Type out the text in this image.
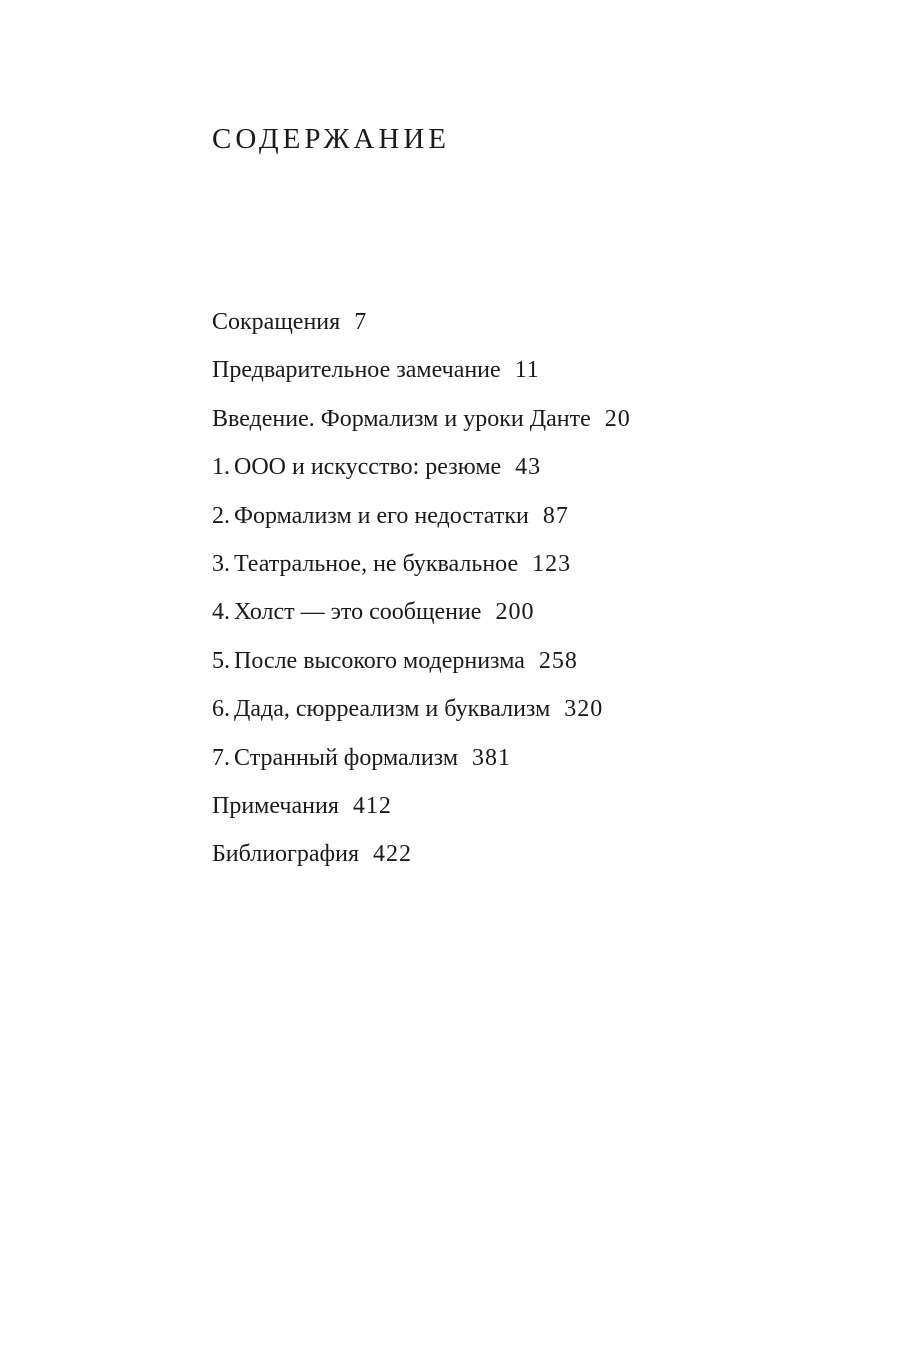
СОДЕРЖАНИЕ
Сокращения 7
Предварительное замечание 11
Введение. Формализм и уроки Данте 20
1. ООО и искусство: резюме 43
2. Формализм и его недостатки 87
3. Театральное, не буквальное 123
4. Холст — это сообщение 200
5. После высокого модернизма 258
6. Дада, сюрреализм и буквализм 320
7. Странный формализм 381
Примечания 412
Библиография 422
